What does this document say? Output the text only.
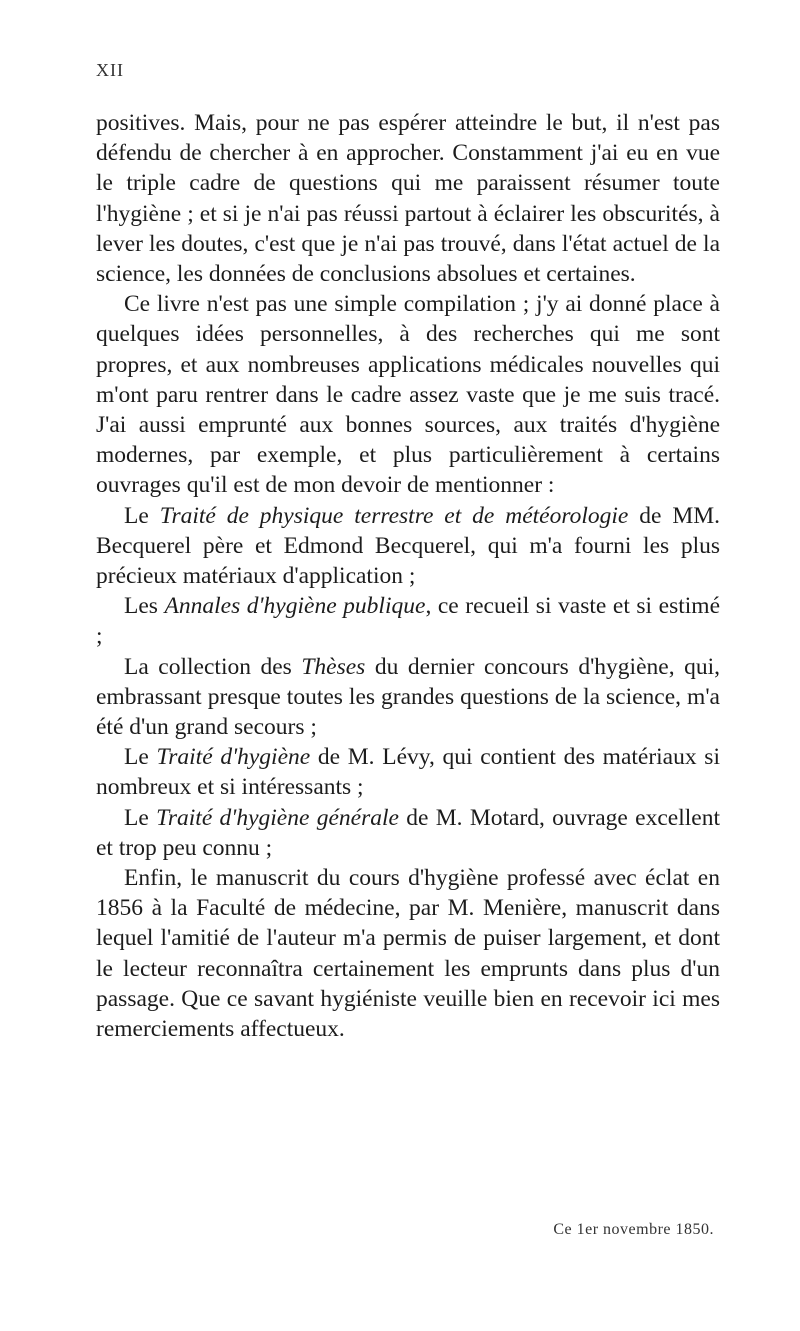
XII

positives. Mais, pour ne pas espérer atteindre le but, il n'est pas défendu de chercher à en approcher. Constamment j'ai eu en vue le triple cadre de questions qui me paraissent résumer toute l'hygiène ; et si je n'ai pas réussi partout à éclairer les obscurités, à lever les doutes, c'est que je n'ai pas trouvé, dans l'état actuel de la science, les données de conclusions absolues et certaines.

Ce livre n'est pas une simple compilation ; j'y ai donné place à quelques idées personnelles, à des recherches qui me sont propres, et aux nombreuses applications médicales nouvelles qui m'ont paru rentrer dans le cadre assez vaste que je me suis tracé. J'ai aussi emprunté aux bonnes sources, aux traités d'hygiène modernes, par exemple, et plus particulièrement à certains ouvrages qu'il est de mon devoir de mentionner :

Le Traité de physique terrestre et de météorologie de MM. Becquerel père et Edmond Becquerel, qui m'a fourni les plus précieux matériaux d'application ;

Les Annales d'hygiène publique, ce recueil si vaste et si estimé ;

La collection des Thèses du dernier concours d'hygiène, qui, embrassant presque toutes les grandes questions de la science, m'a été d'un grand secours ;

Le Traité d'hygiène de M. Lévy, qui contient des matériaux si nombreux et si intéressants ;

Le Traité d'hygiène générale de M. Motard, ouvrage excellent et trop peu connu ;

Enfin, le manuscrit du cours d'hygiène professé avec éclat en 1856 à la Faculté de médecine, par M. Menière, manuscrit dans lequel l'amitié de l'auteur m'a permis de puiser largement, et dont le lecteur reconnaîtra certainement les emprunts dans plus d'un passage. Que ce savant hygiéniste veuille bien en recevoir ici mes remerciements affectueux.

Ce 1er novembre 1850.
